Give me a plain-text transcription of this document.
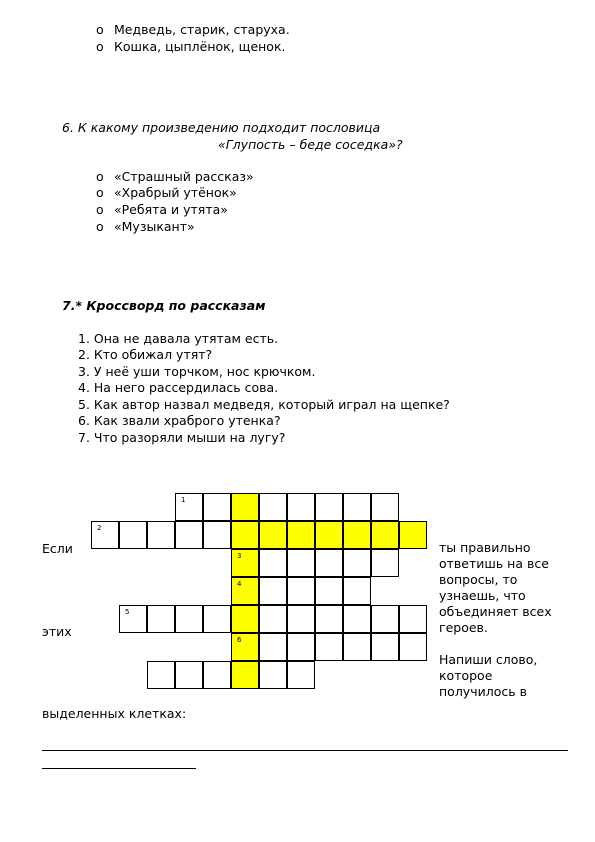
o Медведь, старик, старуха.
o Кошка, цыплёнок, щенок.
6. К какому произведению подходит пословица
«Глупость – беде соседка»?
o «Страшный рассказ»
o «Храбрый утёнок»
o «Ребята и утята»
o «Музыкант»
7.* Кроссворд по рассказам
1. Она не давала утятам есть.
2. Кто обижал утят?
3. У неё уши торчком, нос крючком.
4. На него рассердилась сова.
5. Как автор назвал медведя, который играл на щепке?
6. Как звали храброго утенка?
7. Что разоряли мыши на лугу?
1
2
3
4
5
6
Если
этих
ты правильно ответишь на все вопросы, то узнаешь, что объединяет всех героев.
Напиши слово, которое получилось в
выделенных клетках:
